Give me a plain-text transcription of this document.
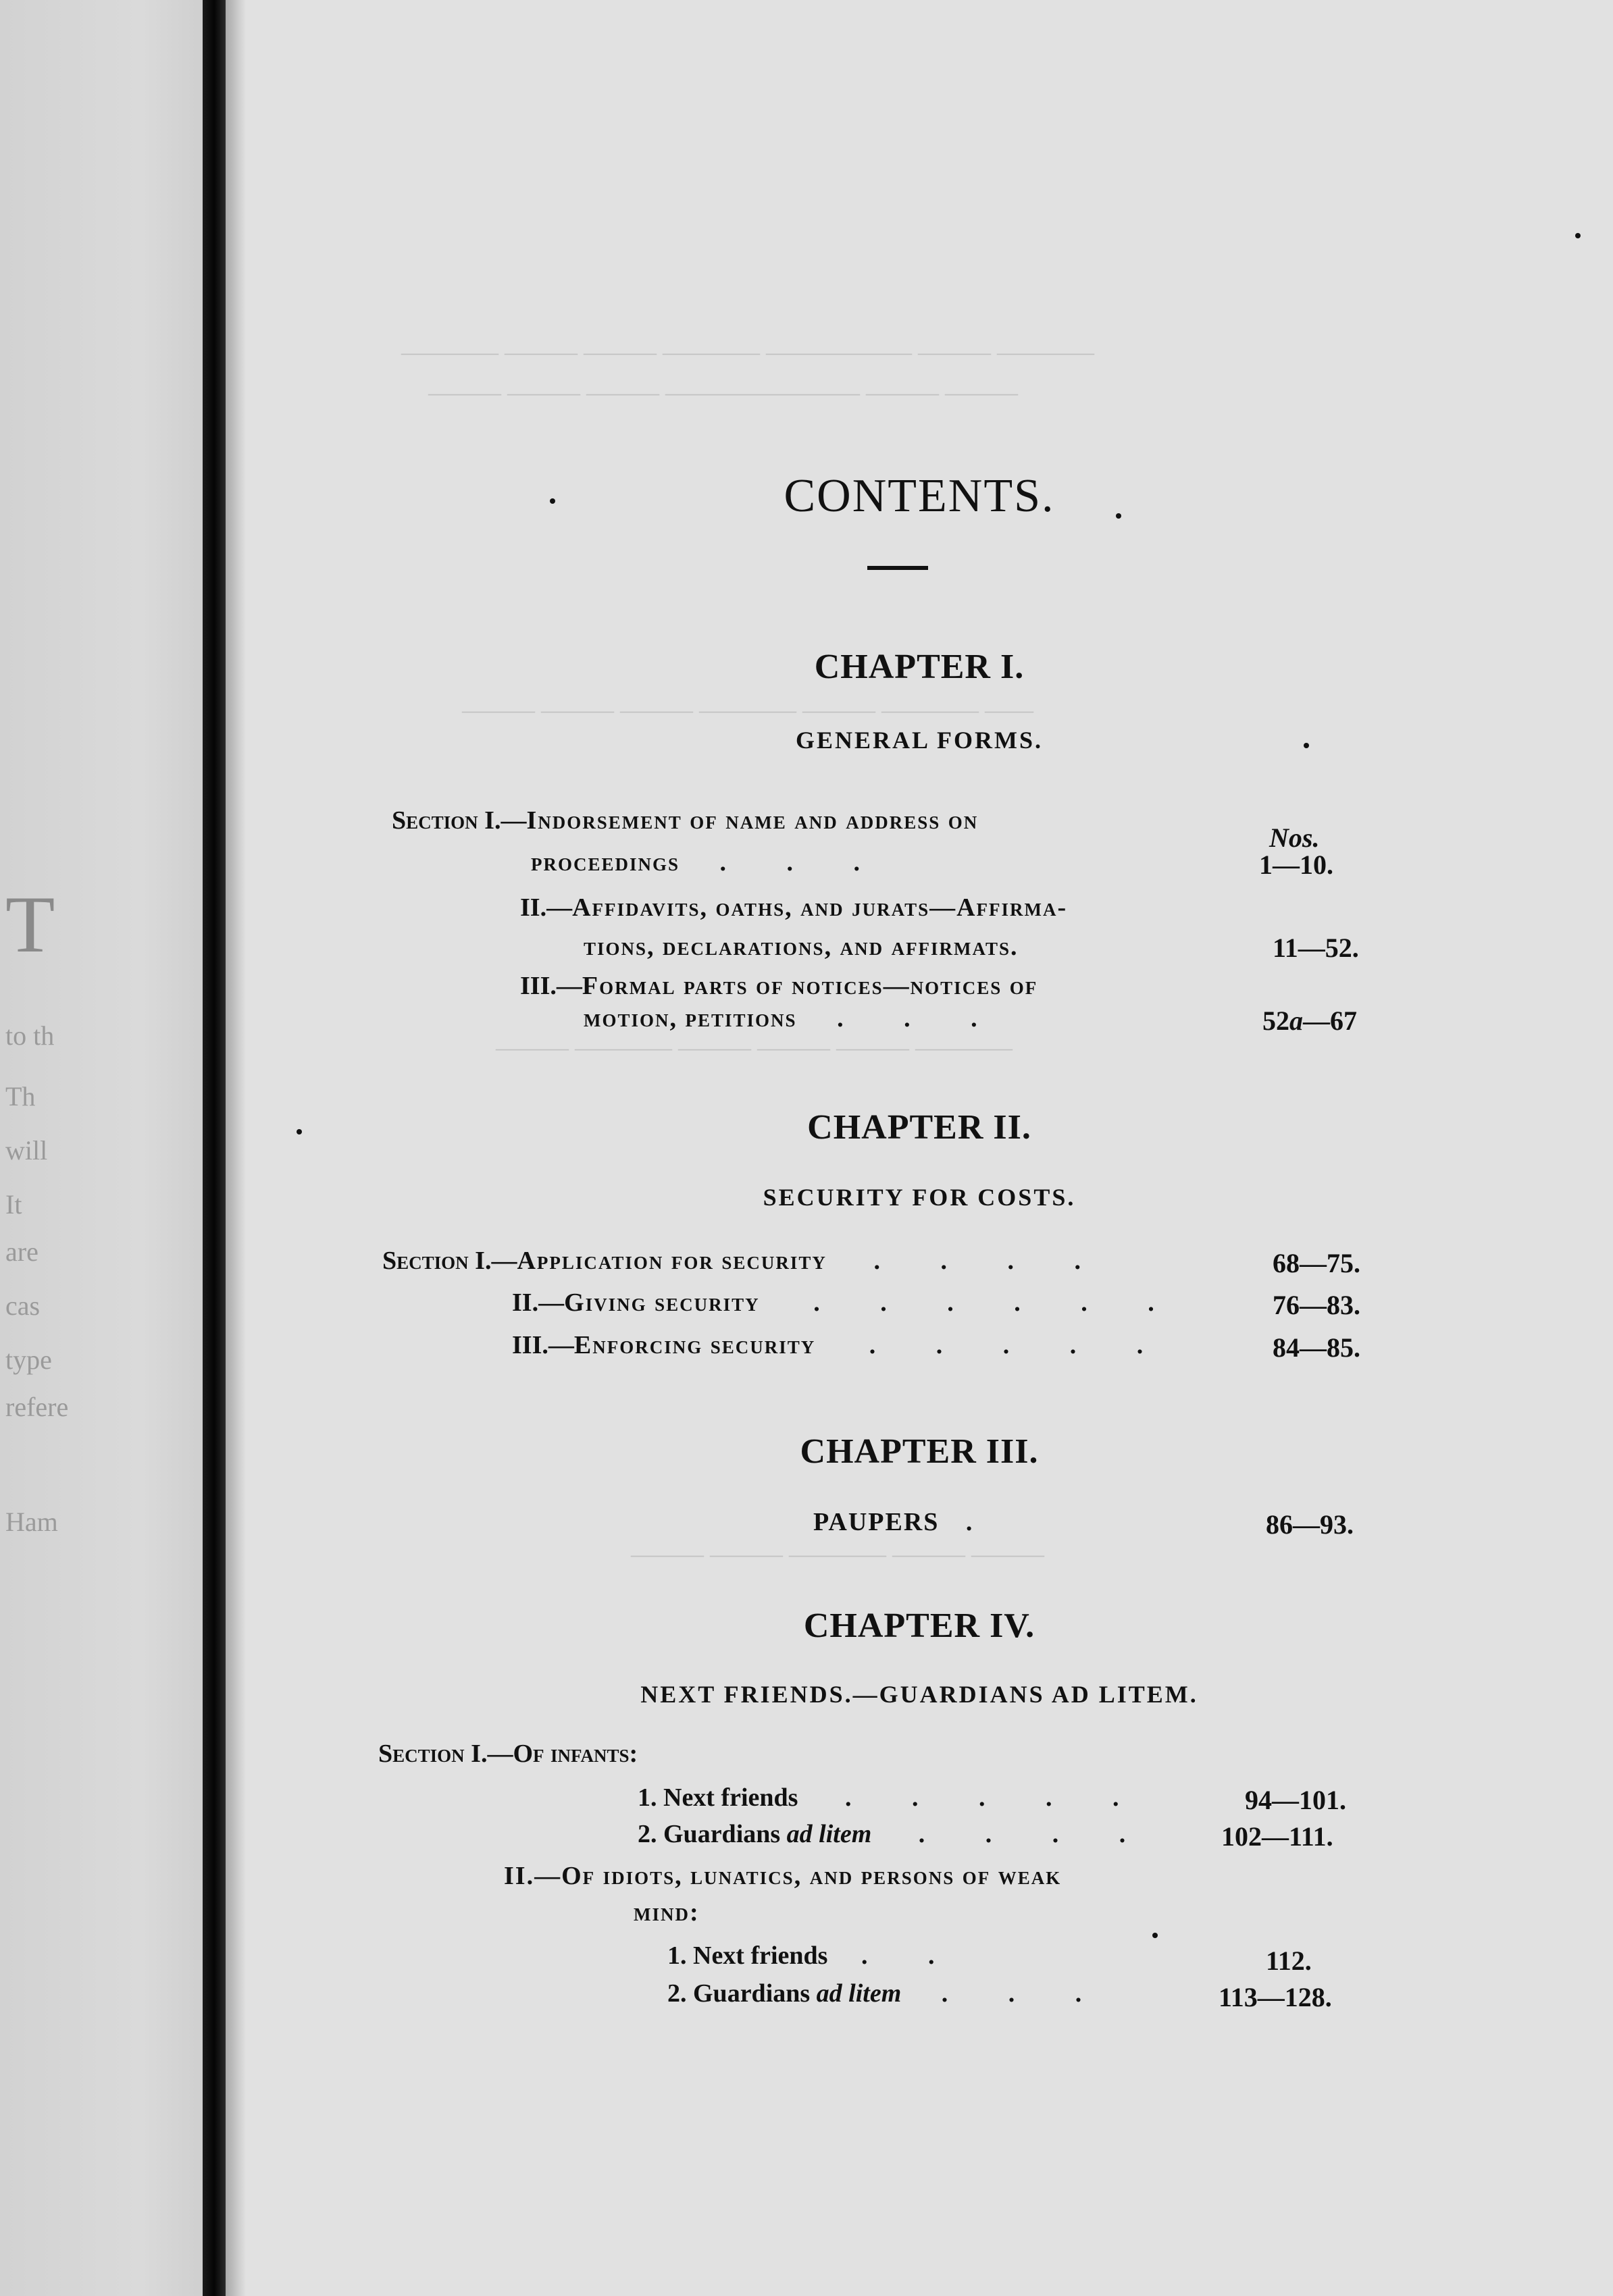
T
to th
Th
will
It
are
cas
type
refere
Ham
———— ——— ——— ———— —————— ——— ————
——— ——— ——— ———————— ——— ———
——— ——— ——— ———— ——— ———— ——
——— ———— ——— ——— ——— ————
——— ——— ———— ——— ———
CONTENTS.
CHAPTER I.
GENERAL FORMS.
Nos.
Section I.—Indorsement of name and address on
proceedings . . .	1—10.
II.—Affidavits, oaths, and jurats—Affirma-
tions, declarations, and affirmats.	11—52.
III.—Formal parts of notices—notices of
motion, petitions . . .	52a—67
CHAPTER II.
SECURITY FOR COSTS.
Section I.—Application for security . . . .	68—75.
II.—Giving security . . . . . .	76—83.
III.—Enforcing security . . . . .	84—85.
CHAPTER III.
PAUPERS .	86—93.
CHAPTER IV.
NEXT FRIENDS.—GUARDIANS AD LITEM.
Section I.—Of infants:
1. Next friends . . . . .	94—101.
2. Guardians ad litem . . . .	102—111.
II.—Of idiots, lunatics, and persons of weak
mind:
1. Next friends . .	112.
2. Guardians ad litem . . .	113—128.
